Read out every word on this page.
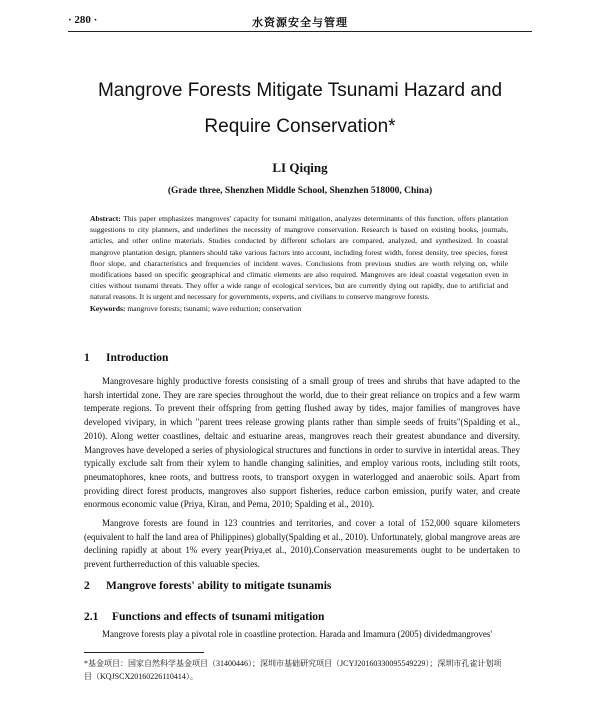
· 280 ·	水资源安全与管理
Mangrove Forests Mitigate Tsunami Hazard and
Require Conservation*
LI Qiqing
(Grade three, Shenzhen Middle School, Shenzhen 518000, China)
Abstract: This paper emphasizes mangroves' capacity for tsunami mitigation, analyzes determinants of this function, offers plantation suggestions to city planners, and underlines the necessity of mangrove conservation. Research is based on existing books, journals, articles, and other online materials. Studies conducted by different scholars are compared, analyzed, and synthesized. In coastal mangrove plantation design, planners should take various factors into account, including forest width, forest density, tree species, forest floor slope, and characteristics and frequencies of incident waves. Conclusions from previous studies are worth relying on, while modifications based on specific geographical and climatic elements are also required. Mangroves are ideal coastal vegetation even in cities without tsunami threats. They offer a wide range of ecological services, but are currently dying out rapidly, due to artificial and natural reasons. It is urgent and necessary for governments, experts, and civilians to conserve mangrove forests.
Keywords: mangrove forests; tsunami; wave reduction; conservation
1 Introduction
Mangrovesare highly productive forests consisting of a small group of trees and shrubs that have adapted to the harsh intertidal zone. They are rare species throughout the world, due to their great reliance on tropics and a few warm temperate regions. To prevent their offspring from getting flushed away by tides, major families of mangroves have developed vivipary, in which "parent trees release growing plants rather than simple seeds of fruits"(Spalding et al., 2010). Along wetter coastlines, deltaic and estuarine areas, mangroves reach their greatest abundance and diversity. Mangroves have developed a series of physiological structures and functions in order to survive in intertidal areas. They typically exclude salt from their xylem to handle changing salinities, and employ various roots, including stilt roots, pneumatophores, knee roots, and buttress roots, to transport oxygen in waterlogged and anaerobic soils. Apart from providing direct forest products, mangroves also support fisheries, reduce carbon emission, purify water, and create enormous economic value (Priya, Kiran, and Pema, 2010; Spalding et al., 2010).
Mangrove forests are found in 123 countries and territories, and cover a total of 152,000 square kilometers (equivalent to half the land area of Philippines) globally(Spalding et al., 2010). Unfortunately, global mangrove areas are declining rapidly at about 1% every year(Priya,et al., 2010).Conservation measurements ought to be undertaken to prevent furtherreduction of this valuable species.
2 Mangrove forests' ability to mitigate tsunamis
2.1 Functions and effects of tsunami mitigation
Mangrove forests play a pivotal role in coastline protection. Harada and Imamura (2005) dividedmangroves'
*基金项目：国家自然科学基金项目（31400446）；深圳市基础研究项目（JCYJ20160330095549229）；深圳市孔雀计划项
目（KQJSCX20160226110414）。
